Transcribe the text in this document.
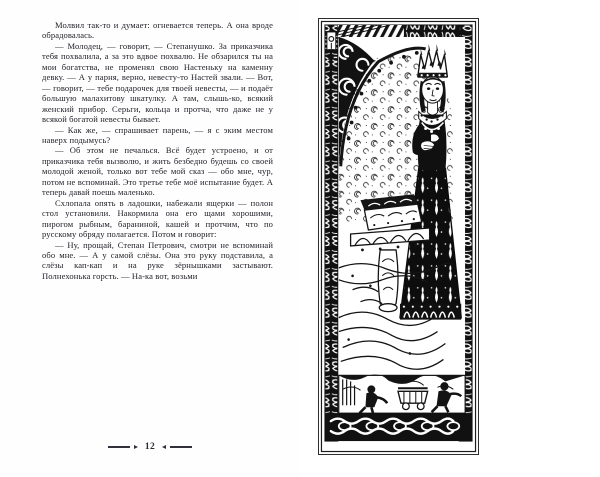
Молвил так-то и думает: огневается теперь. А она вроде обрадовалась.

— Молодец, — говорит, — Степанушко. За приказчика тебя похвалила, а за это вдвое похвалю. Не обзарился ты на мои богатства, не променял свою Настеньку на каменну девку. — А у парня, верно, невесту-то Настей звали. — Вот, — говорит, — тебе подарочек для твоей невесты, — и подаёт большую малахитову шкатулку. А там, слышь-ко, всякий женский прибор. Серьги, кольца и протча, что даже не у всякой богатой невесты бывает.

— Как же, — спрашивает парень, — я с эким местом наверх подымусь?

— Об этом не печалься. Всё будет устроено, и от приказчика тебя вызволю, и жить безбедно будешь со своей молодой женой, только вот тебе мой сказ — обо мне, чур, потом не вспоминай. Это третье тебе моё испытание будет. А теперь давай поешь маленько.

Схлопала опять в ладошки, набежали ящерки — полон стол установили. Накормила она его щами хорошими, пирогом рыбным, бараниной, кашей и протчим, что по русскому обряду полагается. Потом и говорит:

— Ну, прощай, Степан Петрович, смотри не вспоминай обо мне. — А у самой слёзы. Она это руку подставила, а слёзы кап-кап и на руке зёрнышками застывают. Полнехонька горсть. — На-ка вот, возьми

12
